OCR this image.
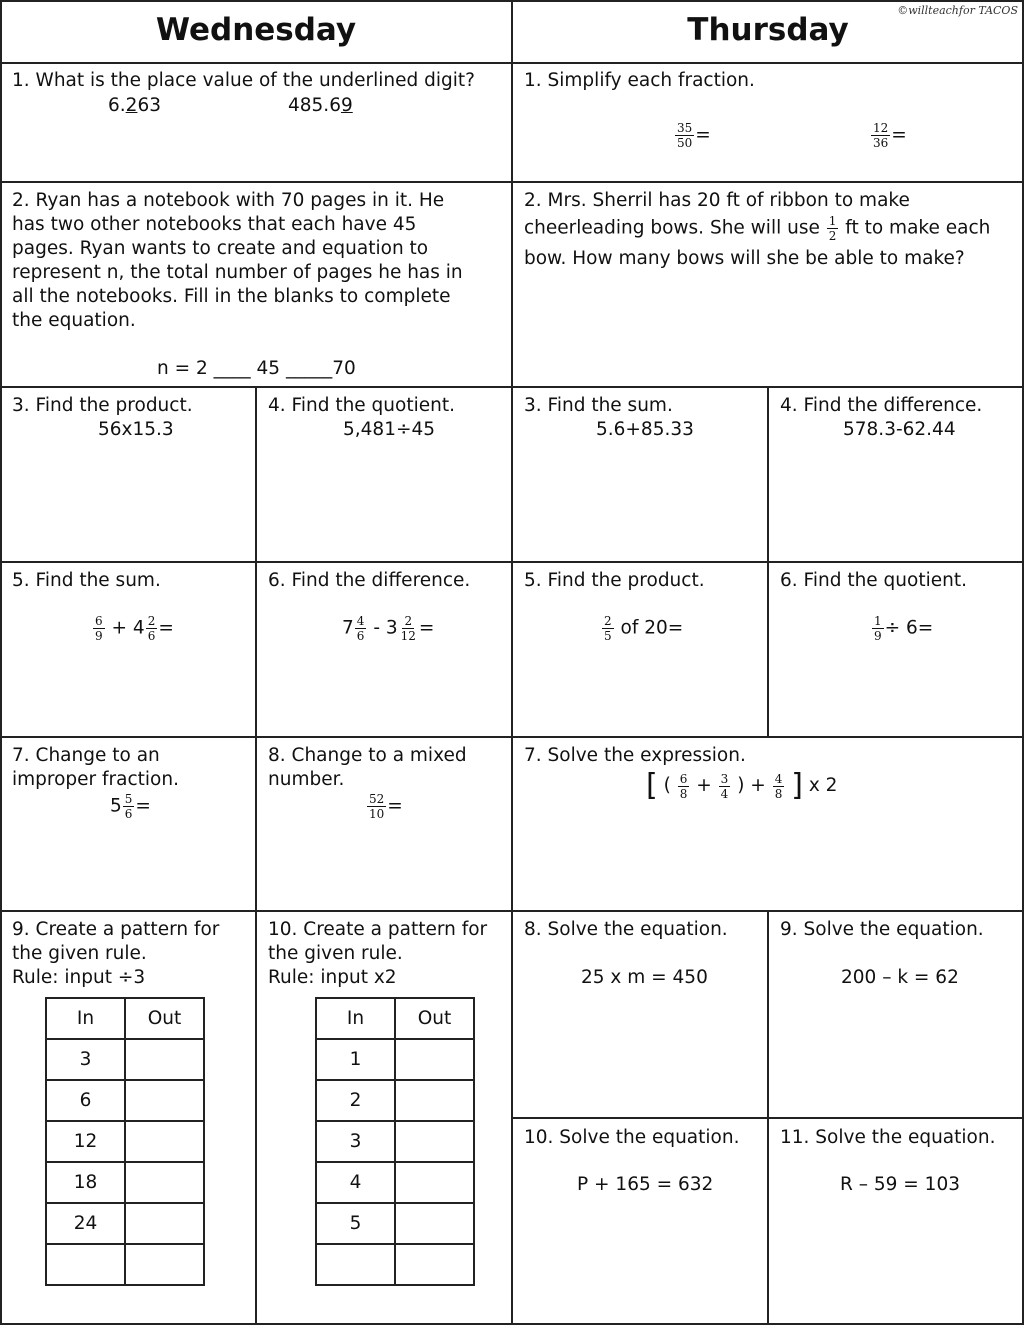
©willteachfor TACOS
Wednesday	Thursday
1. What is the place value of the underlined digit?
6.263	485.69
2. Ryan has a notebook with 70 pages in it. He
has two other notebooks that each have 45
pages. Ryan wants to create and equation to
represent n, the total number of pages he has in
all the notebooks. Fill in the blanks to complete
the equation.
n = 2 ____ 45 _____70
3. Find the product.
56x15.3
4. Find the quotient.
5,481÷45
5. Find the sum.
$\frac{6}{9} + 4 \frac{2}{6}$ =
6. Find the difference.
$7 \frac{4}{6} - 3 \frac{2}{12}$ =
7. Change to an
improper fraction.
$5 \frac{5}{6}$ =
8. Change to a mixed
number.
$\frac{52}{10}$ =
9. Create a pattern for
the given rule.
Rule: input ÷3
In	Out
3	
6	
12	
18	
24	

10. Create a pattern for
the given rule.
Rule: input x2
In	Out
1	
2	
3	
4	
5	

1. Simplify each fraction.
$\frac{35}{50}$ =	$\frac{12}{36}$ =
2. Mrs. Sherril has 20 ft of ribbon to make
cheerleading bows. She will use $\frac{1}{2}$ ft to make each
bow. How many bows will she be able to make?
3. Find the sum.
5.6+85.33
4. Find the difference.
578.3-62.44
5. Find the product.
$\frac{2}{5}$ of 20=
6. Find the quotient.
$\frac{1}{9} \div 6=$
7. Solve the expression.
[ ( $\frac{6}{8} + \frac{3}{4}$ ) + $\frac{4}{8}$ ] x 2
8. Solve the equation.
25 x m = 450
9. Solve the equation.
200 – k = 62
10. Solve the equation.
P + 165 = 632
11. Solve the equation.
R – 59 = 103
